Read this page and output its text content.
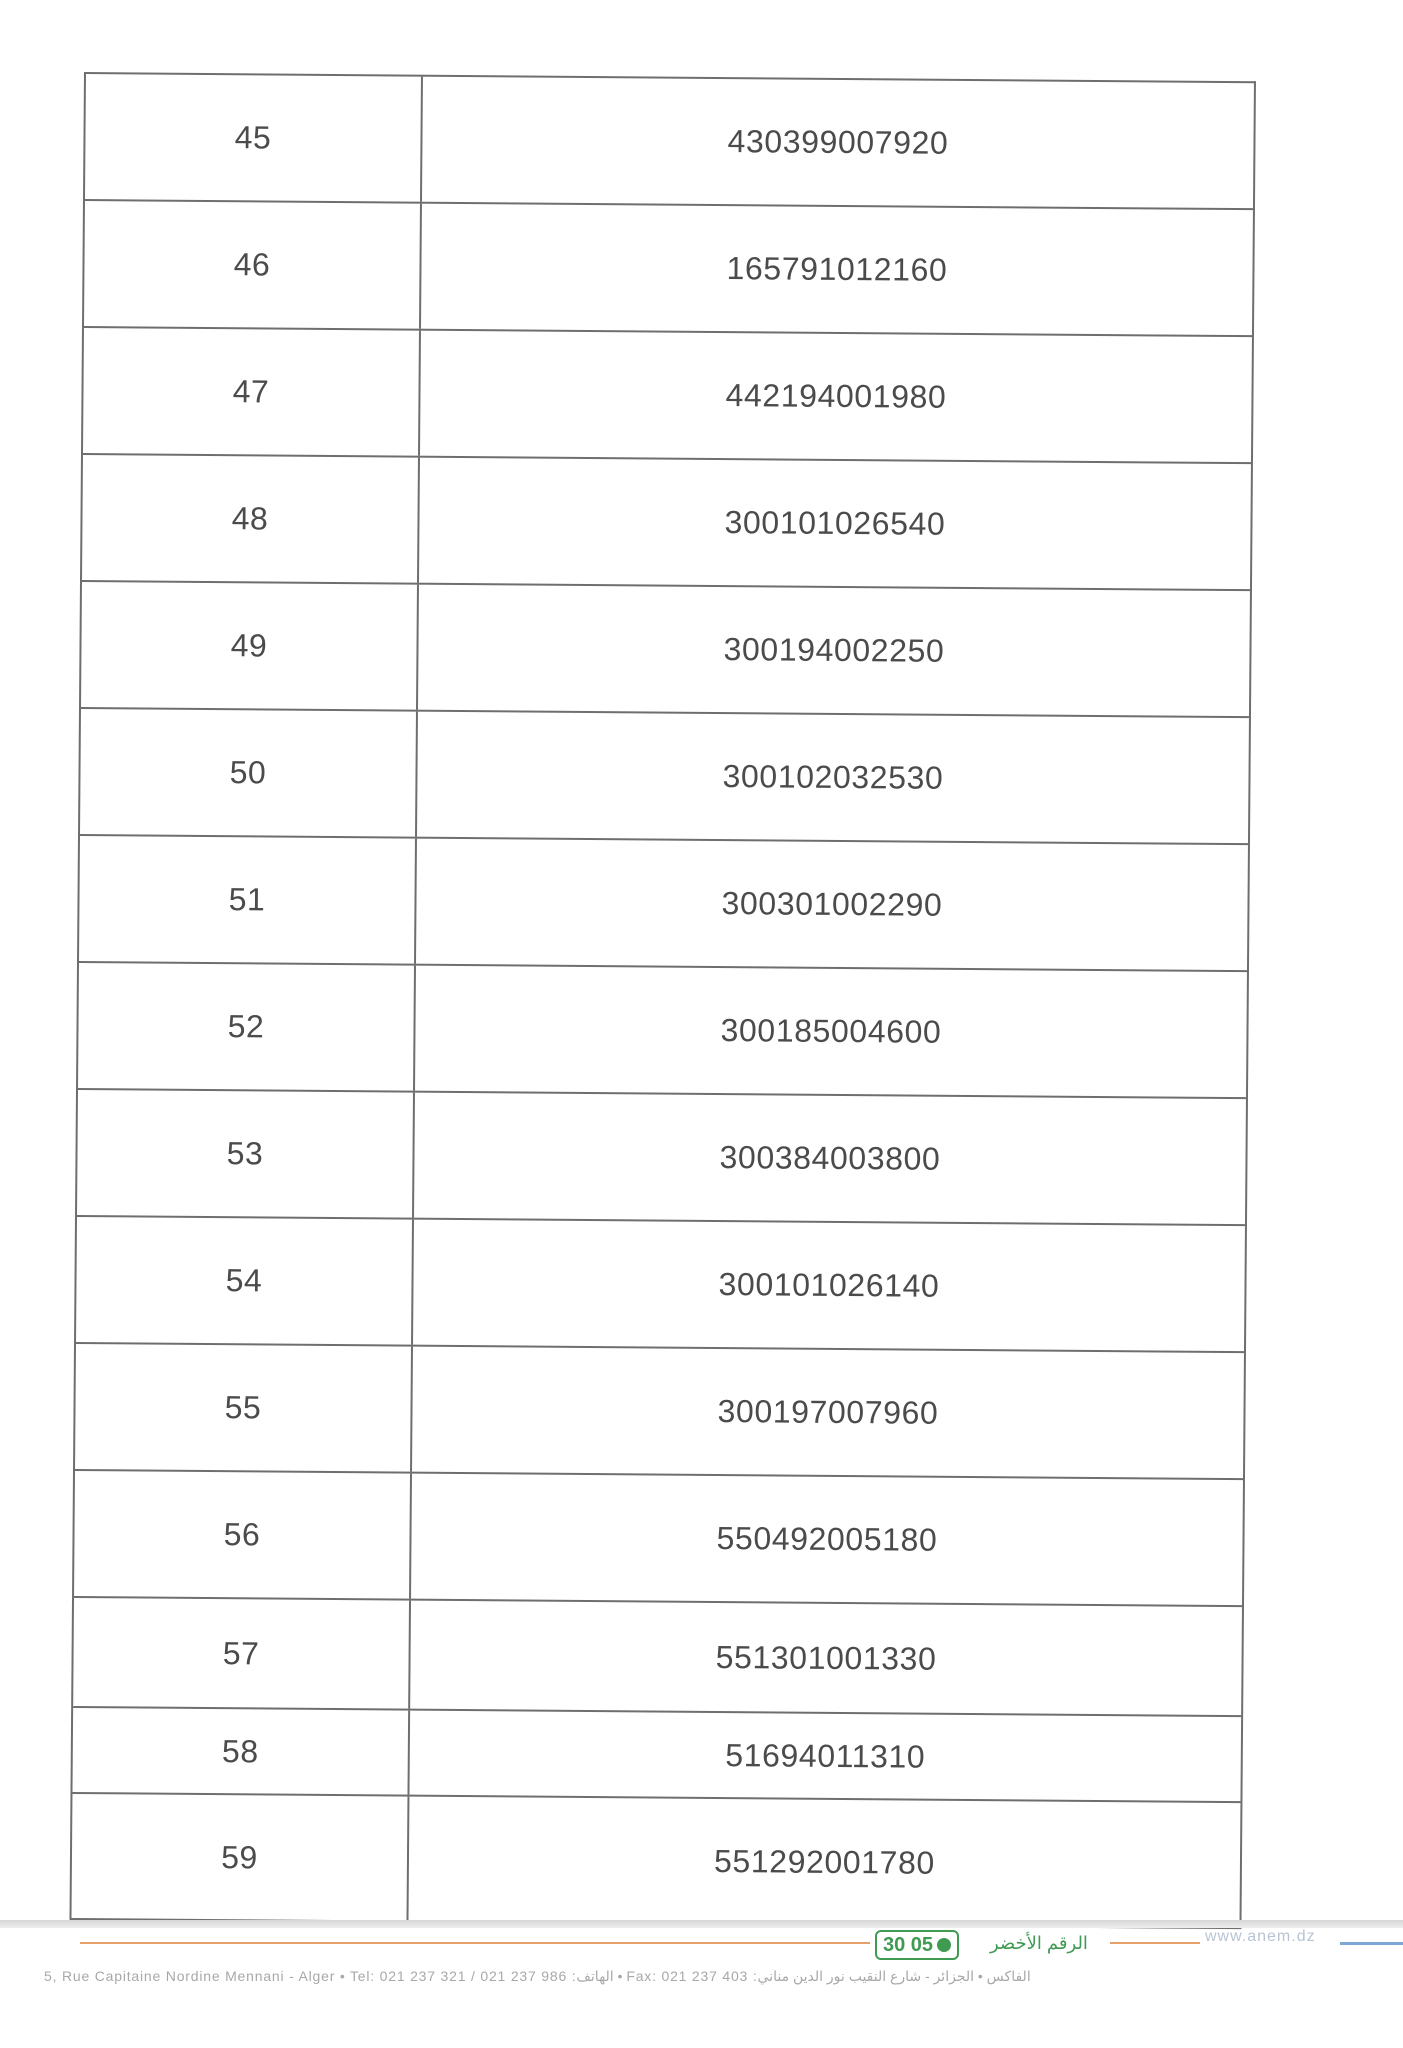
45	430399007920
46	165791012160
47	442194001980
48	300101026540
49	300194002250
50	300102032530
51	300301002290
52	300185004600
53	300384003800
54	300101026140
55	300197007960
56	550492005180
57	551301001330
58	51694011310
59	551292001780
30 05	الرقم الأخضر	www.anem.dz
5, Rue Capitaine Nordine Mennani - Alger • Tel: 021 237 321 / 021 237 986 :الهاتف • Fax: 021 237 403 :الفاكس • الجزائر - شارع النقيب نور الدين مناني
